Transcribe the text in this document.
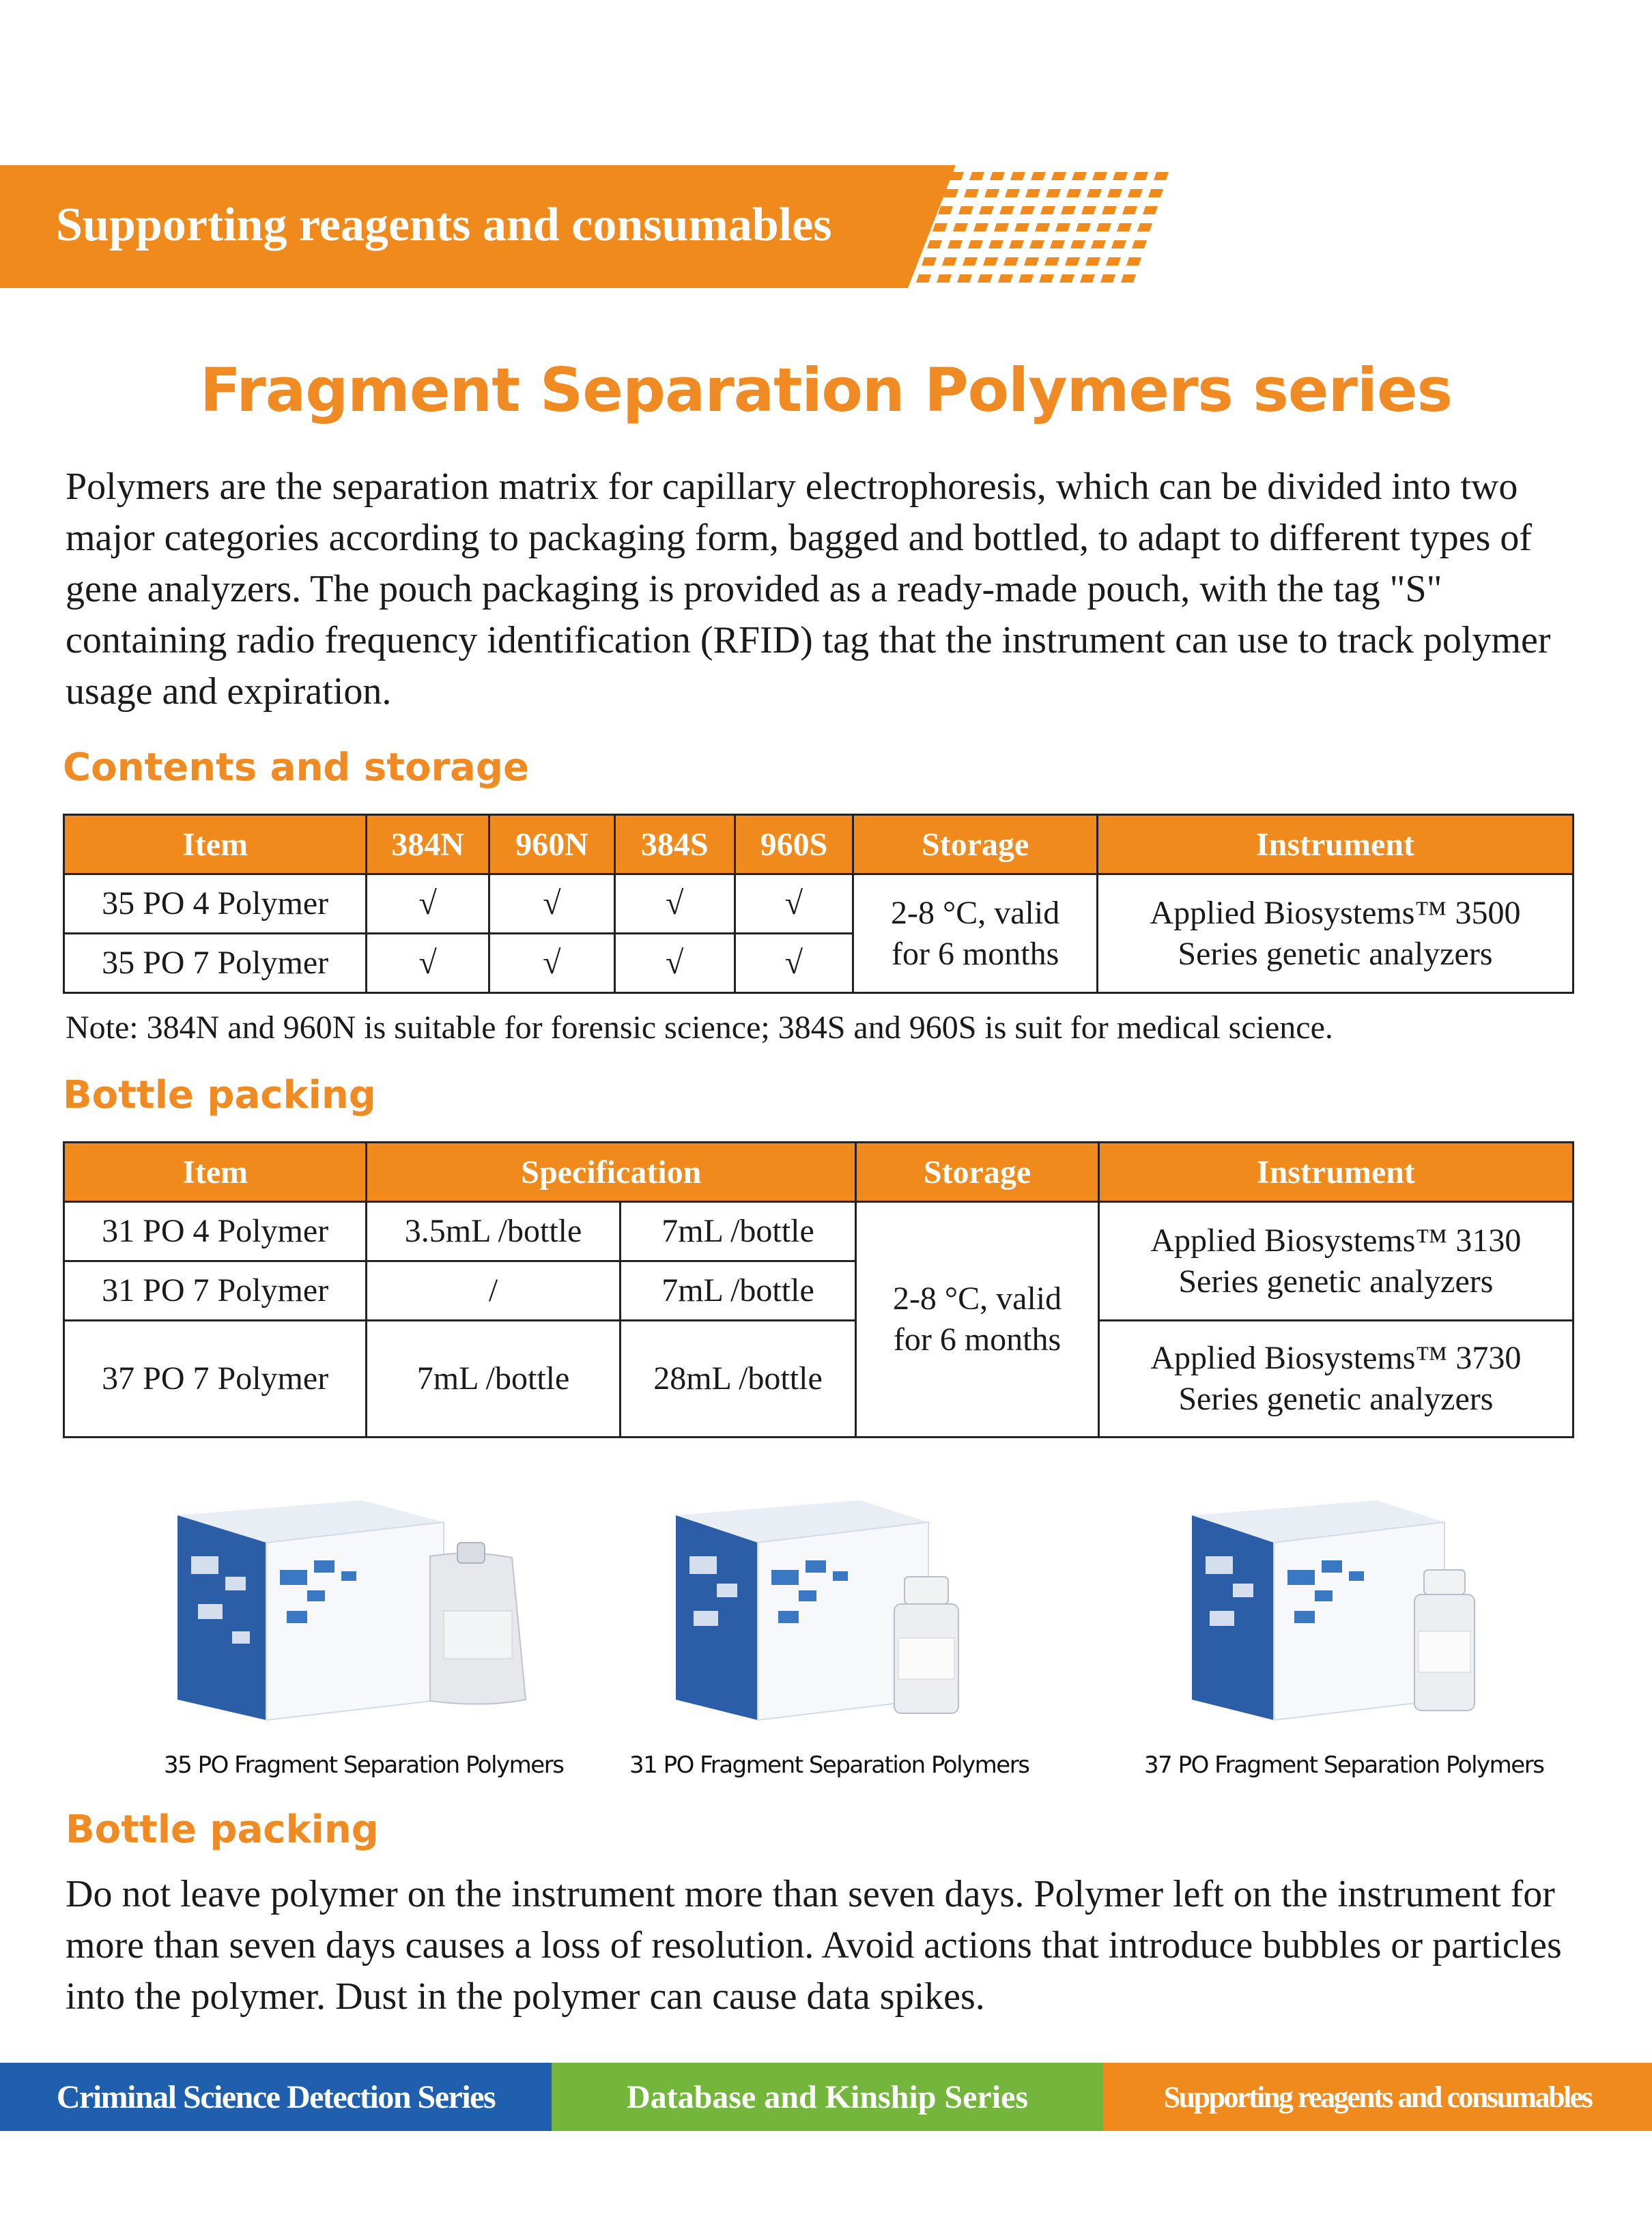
Supporting reagents and consumables
Fragment Separation Polymers series
Polymers are the separation matrix for capillary electrophoresis, which can be divided into two major categories according to packaging form, bagged and bottled, to adapt to different types of gene analyzers. The pouch packaging is provided as a ready-made pouch, with the tag "S" containing radio frequency identification (RFID) tag that the instrument can use to track polymer usage and expiration.
Contents and storage
Item	384N	960N	384S	960S	Storage	Instrument
35 PO 4 Polymer	√	√	√	√	2-8 °C, valid for 6 months	Applied Biosystems™ 3500 Series genetic analyzers
35 PO 7 Polymer	√	√	√	√		
Note: 384N and 960N is suitable for forensic science; 384S and 960S is suit for medical science.
Bottle packing
Item	Specification		Storage	Instrument
31 PO 4 Polymer	3.5mL /bottle	7mL /bottle	2-8 °C, valid for 6 months	Applied Biosystems™ 3130 Series genetic analyzers
31 PO 7 Polymer	/	7mL /bottle		
37 PO 7 Polymer	7mL /bottle	28mL /bottle		Applied Biosystems™ 3730 Series genetic analyzers
35 PO Fragment Separation Polymers	31 PO Fragment Separation Polymers	37 PO Fragment Separation Polymers
Bottle packing
Do not leave polymer on the instrument more than seven days. Polymer left on the instrument for more than seven days causes a loss of resolution. Avoid actions that introduce bubbles or particles into the polymer. Dust in the polymer can cause data spikes.
Criminal Science Detection Series	Database and Kinship Series	Supporting reagents and consumables
